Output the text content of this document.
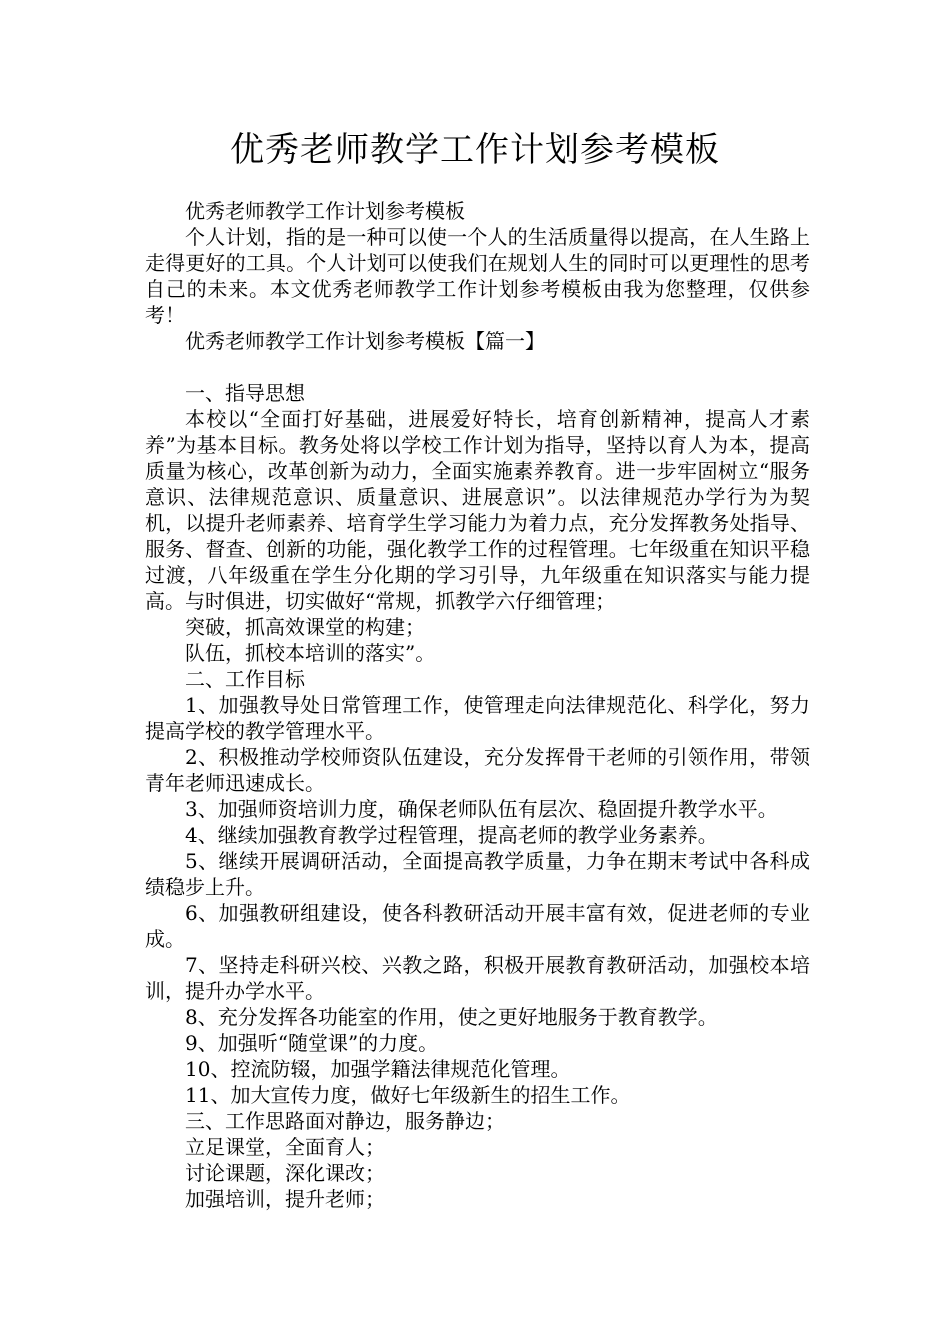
优秀老师教学工作计划参考模板

优秀老师教学工作计划参考模板

个人计划，指的是一种可以使一个人的生活质量得以提高，在人生路上走得更好的工具。个人计划可以使我们在规划人生的同时可以更理性的思考自己的未来。本文优秀老师教学工作计划参考模板由我为您整理，仅供参考！

优秀老师教学工作计划参考模板【篇一】

一、指导思想

本校以“全面打好基础，进展爱好特长，培育创新精神，提高人才素养”为基本目标。教务处将以学校工作计划为指导，坚持以育人为本，提高质量为核心，改革创新为动力，全面实施素养教育。进一步牢固树立“服务意识、法律规范意识、质量意识、进展意识”。以法律规范办学行为为契机，以提升老师素养、培育学生学习能力为着力点，充分发挥教务处指导、服务、督查、创新的功能，强化教学工作的过程管理。七年级重在知识平稳过渡，八年级重在学生分化期的学习引导，九年级重在知识落实与能力提高。与时俱进，切实做好“常规，抓教学六仔细管理；

突破，抓高效课堂的构建；

队伍，抓校本培训的落实”。

二、工作目标

1、加强教导处日常管理工作，使管理走向法律规范化、科学化，努力提高学校的教学管理水平。

2、积极推动学校师资队伍建设，充分发挥骨干老师的引领作用，带领青年老师迅速成长。

3、加强师资培训力度，确保老师队伍有层次、稳固提升教学水平。

4、继续加强教育教学过程管理，提高老师的教学业务素养。

5、继续开展调研活动，全面提高教学质量，力争在期末考试中各科成绩稳步上升。

6、加强教研组建设，使各科教研活动开展丰富有效，促进老师的专业成。

7、坚持走科研兴校、兴教之路，积极开展教育教研活动，加强校本培训，提升办学水平。

8、充分发挥各功能室的作用，使之更好地服务于教育教学。

9、加强听“随堂课”的力度。

10、控流防辍，加强学籍法律规范化管理。

11、加大宣传力度，做好七年级新生的招生工作。

三、工作思路面对静边，服务静边；

立足课堂，全面育人；

讨论课题，深化课改；

加强培训，提升老师；
